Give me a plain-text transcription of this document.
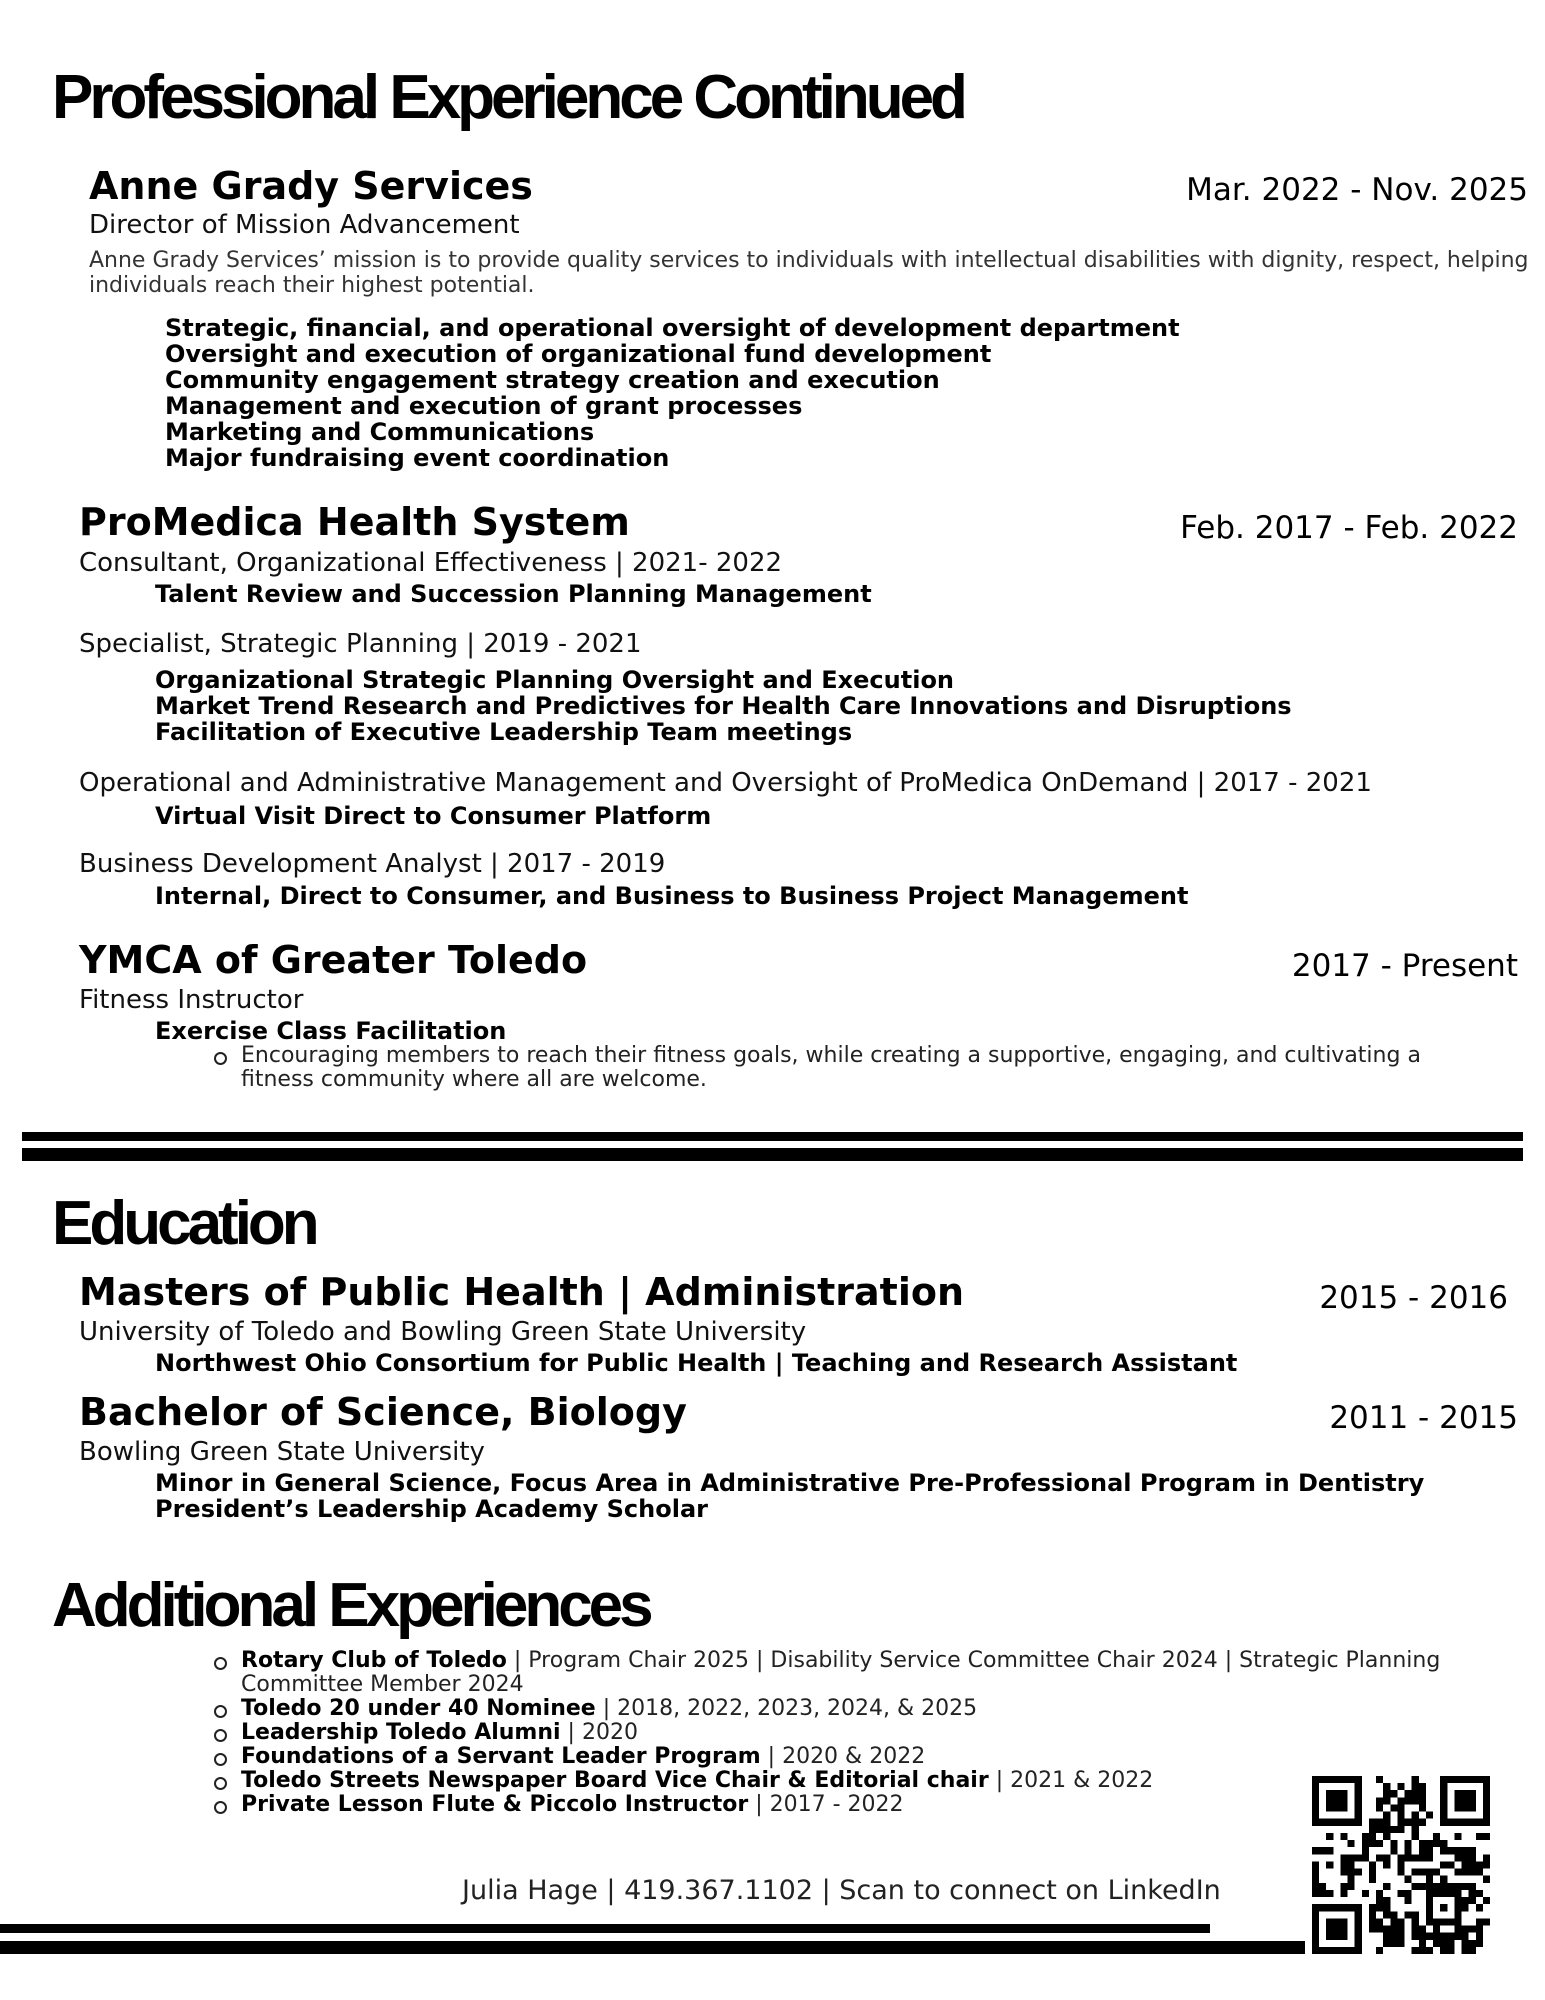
Professional Experience Continued
Anne Grady Services	Mar. 2022 - Nov. 2025
Director of Mission Advancement
Anne Grady Services’ mission is to provide quality services to individuals with intellectual disabilities with dignity, respect, helping individuals reach their highest potential.
Strategic, financial, and operational oversight of development department
Oversight and execution of organizational fund development
Community engagement strategy creation and execution
Management and execution of grant processes
Marketing and Communications
Major fundraising event coordination
ProMedica Health System	Feb. 2017 - Feb. 2022
Consultant, Organizational Effectiveness | 2021- 2022
Talent Review and Succession Planning Management
Specialist, Strategic Planning | 2019 - 2021
Organizational Strategic Planning Oversight and Execution
Market Trend Research and Predictives for Health Care Innovations and Disruptions
Facilitation of Executive Leadership Team meetings
Operational and Administrative Management and Oversight of ProMedica OnDemand | 2017 - 2021
Virtual Visit Direct to Consumer Platform
Business Development Analyst | 2017 - 2019
Internal, Direct to Consumer, and Business to Business Project Management
YMCA of Greater Toledo	2017 - Present
Fitness Instructor
Exercise Class Facilitation
Encouraging members to reach their fitness goals, while creating a supportive, engaging, and cultivating a fitness community where all are welcome.
Education
Masters of Public Health | Administration	2015 - 2016
University of Toledo and Bowling Green State University
Northwest Ohio Consortium for Public Health | Teaching and Research Assistant
Bachelor of Science, Biology	2011 - 2015
Bowling Green State University
Minor in General Science, Focus Area in Administrative Pre-Professional Program in Dentistry
President’s Leadership Academy Scholar
Additional Experiences
Rotary Club of Toledo | Program Chair 2025 | Disability Service Committee Chair 2024 | Strategic Planning Committee Member 2024
Toledo 20 under 40 Nominee | 2018, 2022, 2023, 2024, & 2025
Leadership Toledo Alumni | 2020
Foundations of a Servant Leader Program | 2020 & 2022
Toledo Streets Newspaper Board Vice Chair & Editorial chair | 2021 & 2022
Private Lesson Flute & Piccolo Instructor | 2017 - 2022
Julia Hage | 419.367.1102 | Scan to connect on LinkedIn
